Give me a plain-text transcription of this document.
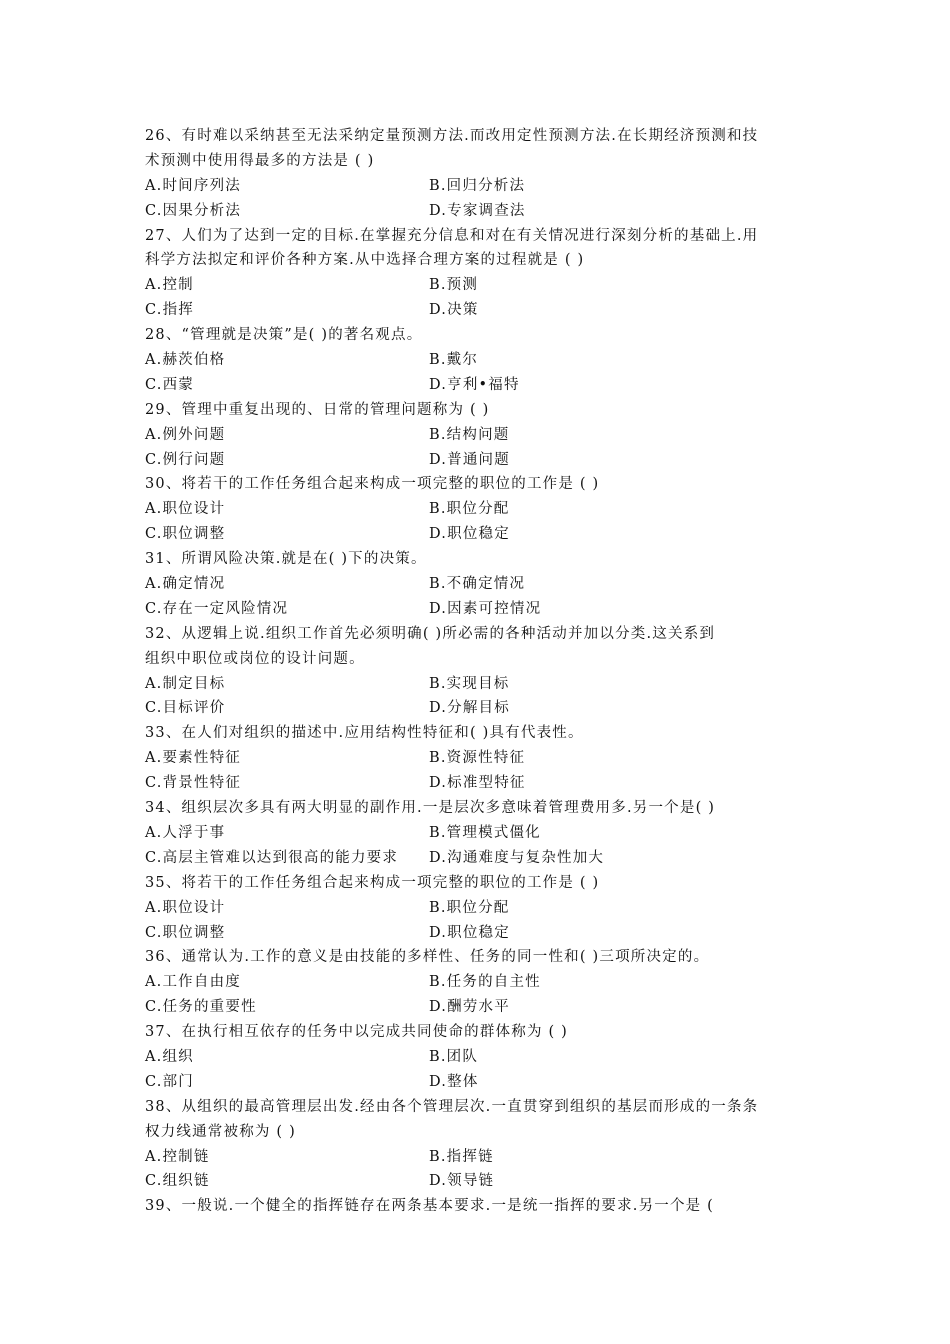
26、有时难以采纳甚至无法采纳定量预测方法.而改用定性预测方法.在长期经济预测和技
术预测中使用得最多的方法是 ( )
A.时间序列法	B.回归分析法
C.因果分析法	D.专家调查法
27、人们为了达到一定的目标.在掌握充分信息和对在有关情况进行深刻分析的基础上.用
科学方法拟定和评价各种方案.从中选择合理方案的过程就是 ( )
A.控制	B.预测
C.指挥	D.决策
28、“管理就是决策”是( )的著名观点。
A.赫茨伯格	B.戴尔
C.西蒙	D.亨利•福特
29、管理中重复出现的、日常的管理问题称为 ( )
A.例外问题	B.结构问题
C.例行问题	D.普通问题
30、将若干的工作任务组合起来构成一项完整的职位的工作是 ( )
A.职位设计	B.职位分配
C.职位调整	D.职位稳定
31、所谓风险决策.就是在( )下的决策。
A.确定情况	B.不确定情况
C.存在一定风险情况	D.因素可控情况
32、从逻辑上说.组织工作首先必须明确( )所必需的各种活动并加以分类.这关系到
组织中职位或岗位的设计问题。
A.制定目标	B.实现目标
C.目标评价	D.分解目标
33、在人们对组织的描述中.应用结构性特征和( )具有代表性。
A.要素性特征	B.资源性特征
C.背景性特征	D.标准型特征
34、组织层次多具有两大明显的副作用.一是层次多意味着管理费用多.另一个是( )
A.人浮于事	B.管理模式僵化
C.高层主管难以达到很高的能力要求	D.沟通难度与复杂性加大
35、将若干的工作任务组合起来构成一项完整的职位的工作是 ( )
A.职位设计	B.职位分配
C.职位调整	D.职位稳定
36、通常认为.工作的意义是由技能的多样性、任务的同一性和( )三项所决定的。
A.工作自由度	B.任务的自主性
C.任务的重要性	D.酬劳水平
37、在执行相互依存的任务中以完成共同使命的群体称为 ( )
A.组织	B.团队
C.部门	D.整体
38、从组织的最高管理层出发.经由各个管理层次.一直贯穿到组织的基层而形成的一条条
权力线通常被称为 ( )
A.控制链	B.指挥链
C.组织链	D.领导链
39、一般说.一个健全的指挥链存在两条基本要求.一是统一指挥的要求.另一个是 (
